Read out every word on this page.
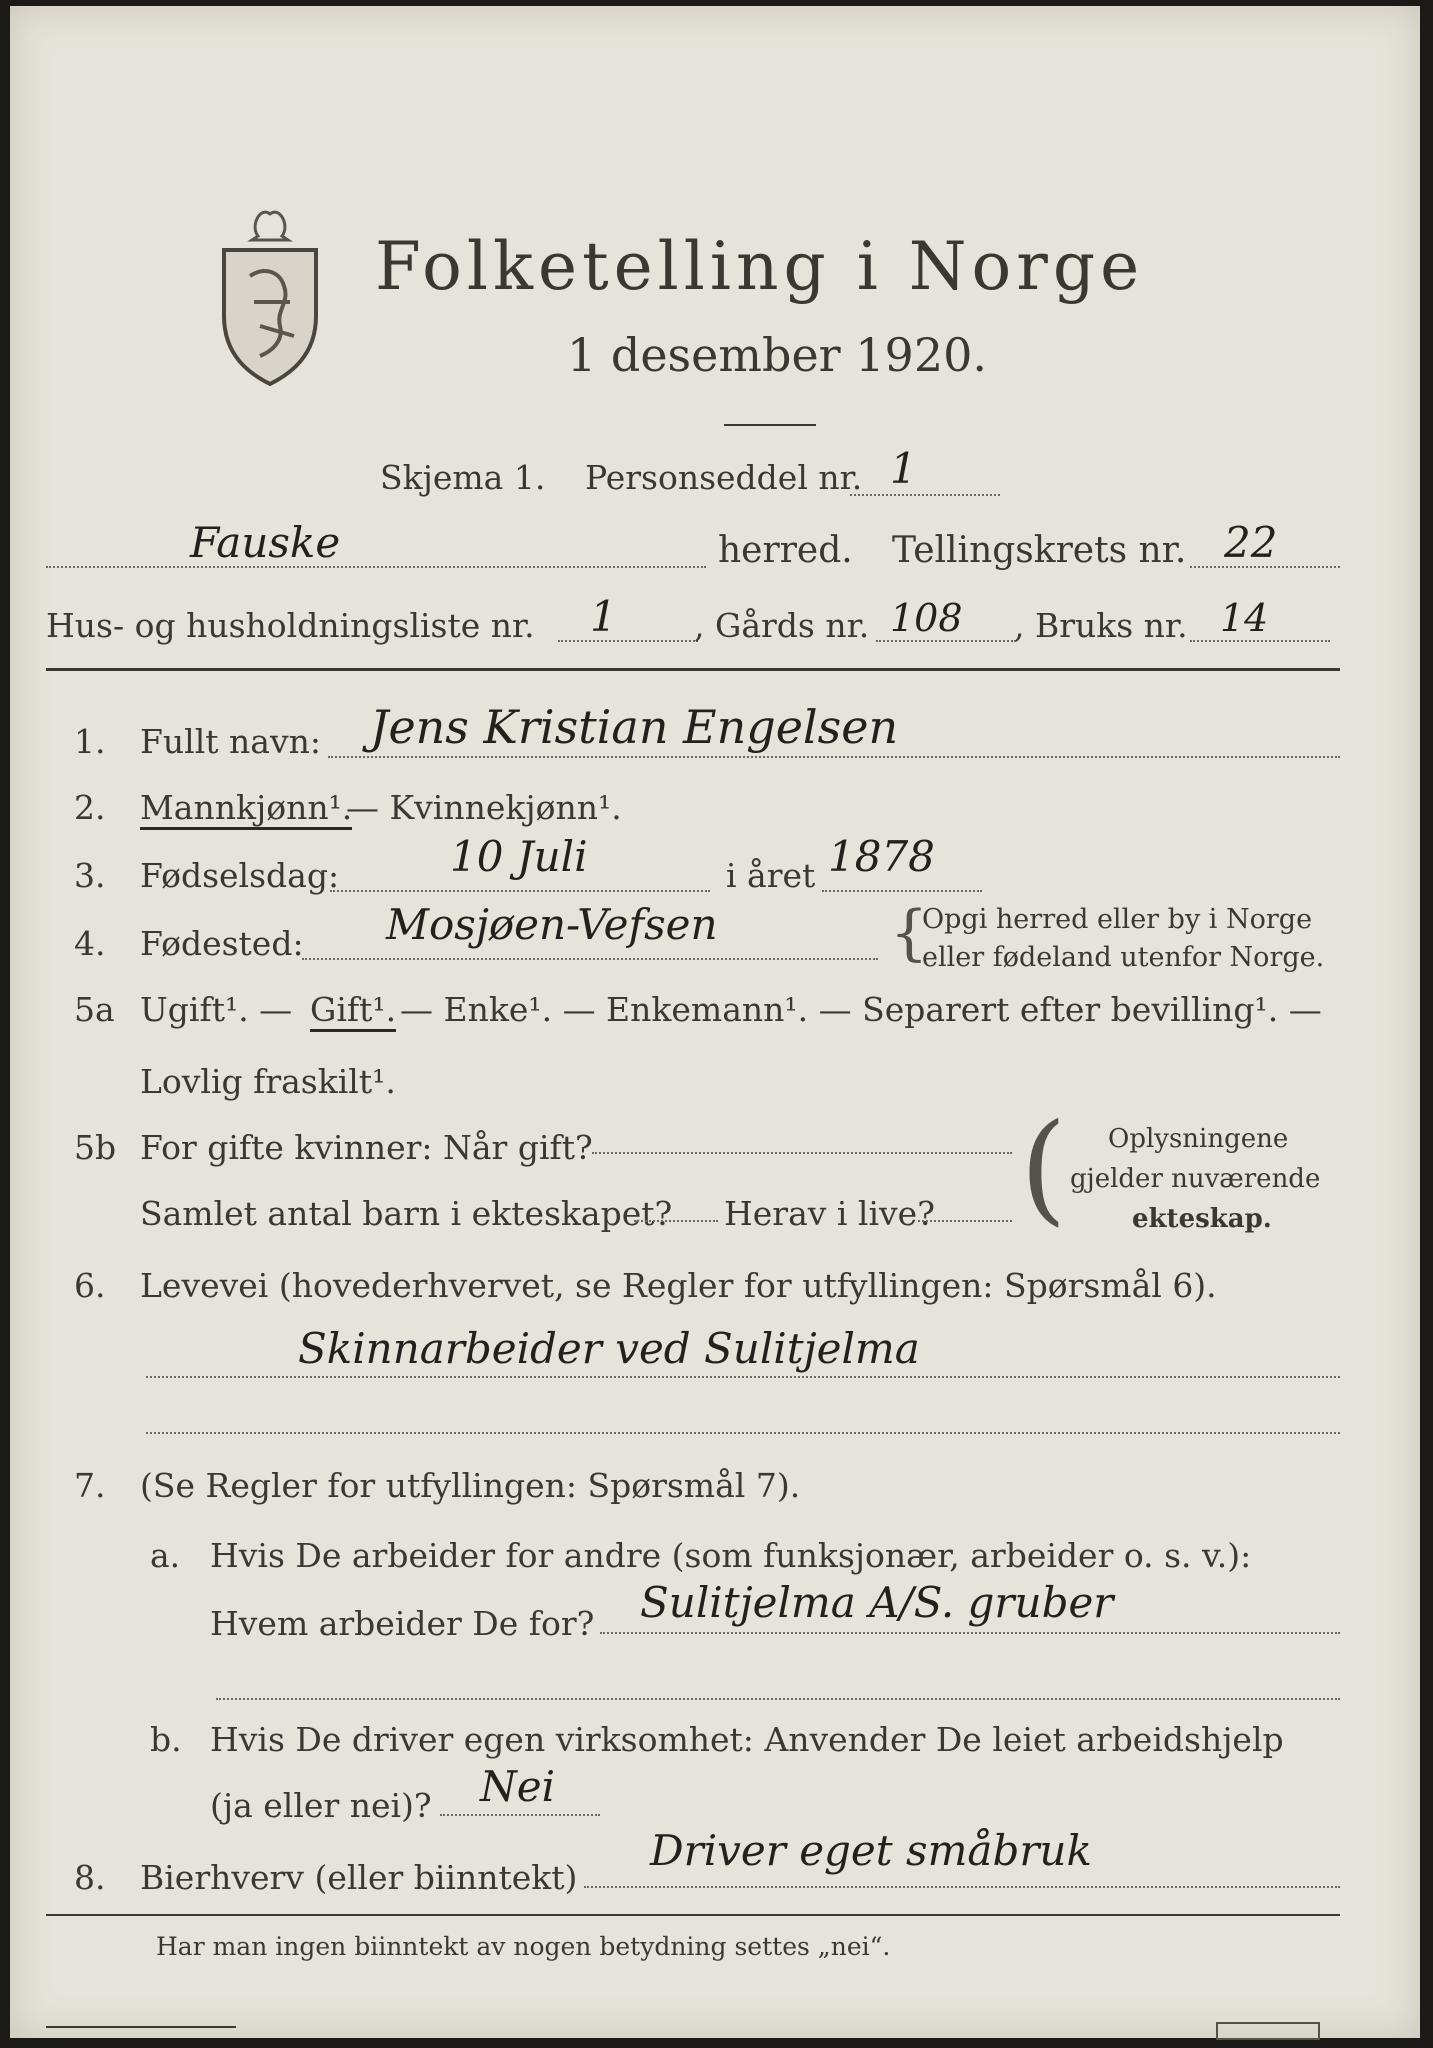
Folketelling i Norge
1 desember 1920.
Skjema 1. Personseddel nr. 1
Fauske	herred. Tellingskrets nr. 22
Hus- og husholdningsliste nr. 1 , Gårds nr. 108 , Bruks nr. 14
1. Fullt navn: Jens Kristian Engelsen
2. Mannkjønn¹.
— Kvinnekjønn¹.
3. Fødselsdag:	10 Juli	i året 1878
4. Fødested: Mosjøen-Vefsen	{
Opgi herred eller by i Norge
eller fødeland utenfor Norge.
5a Ugift¹. — Gift¹. — Enke¹. — Enkemann¹. — Separert efter bevilling¹. —
Lovlig fraskilt¹.
5b For gifte kvinner: Når gift?
Samlet antal barn i ekteskapet? Herav i live? ( Oplysningene
gjelder nuværende
ekteskap.
6. Levevei (hovederhvervet, se Regler for utfyllingen: Spørsmål 6).
Skinnarbeider ved Sulitjelma
7. (Se Regler for utfyllingen: Spørsmål 7).
a. Hvis De arbeider for andre (som funksjonær, arbeider o. s. v.):
Hvem arbeider De for? Sulitjelma A/S. gruber
b. Hvis De driver egen virksomhet: Anvender De leiet arbeidshjelp
(ja eller nei)? Nei
8. Bierhverv (eller biinntekt)
Driver eget småbruk
Har man ingen biinntekt av nogen betydning settes „nei“.
